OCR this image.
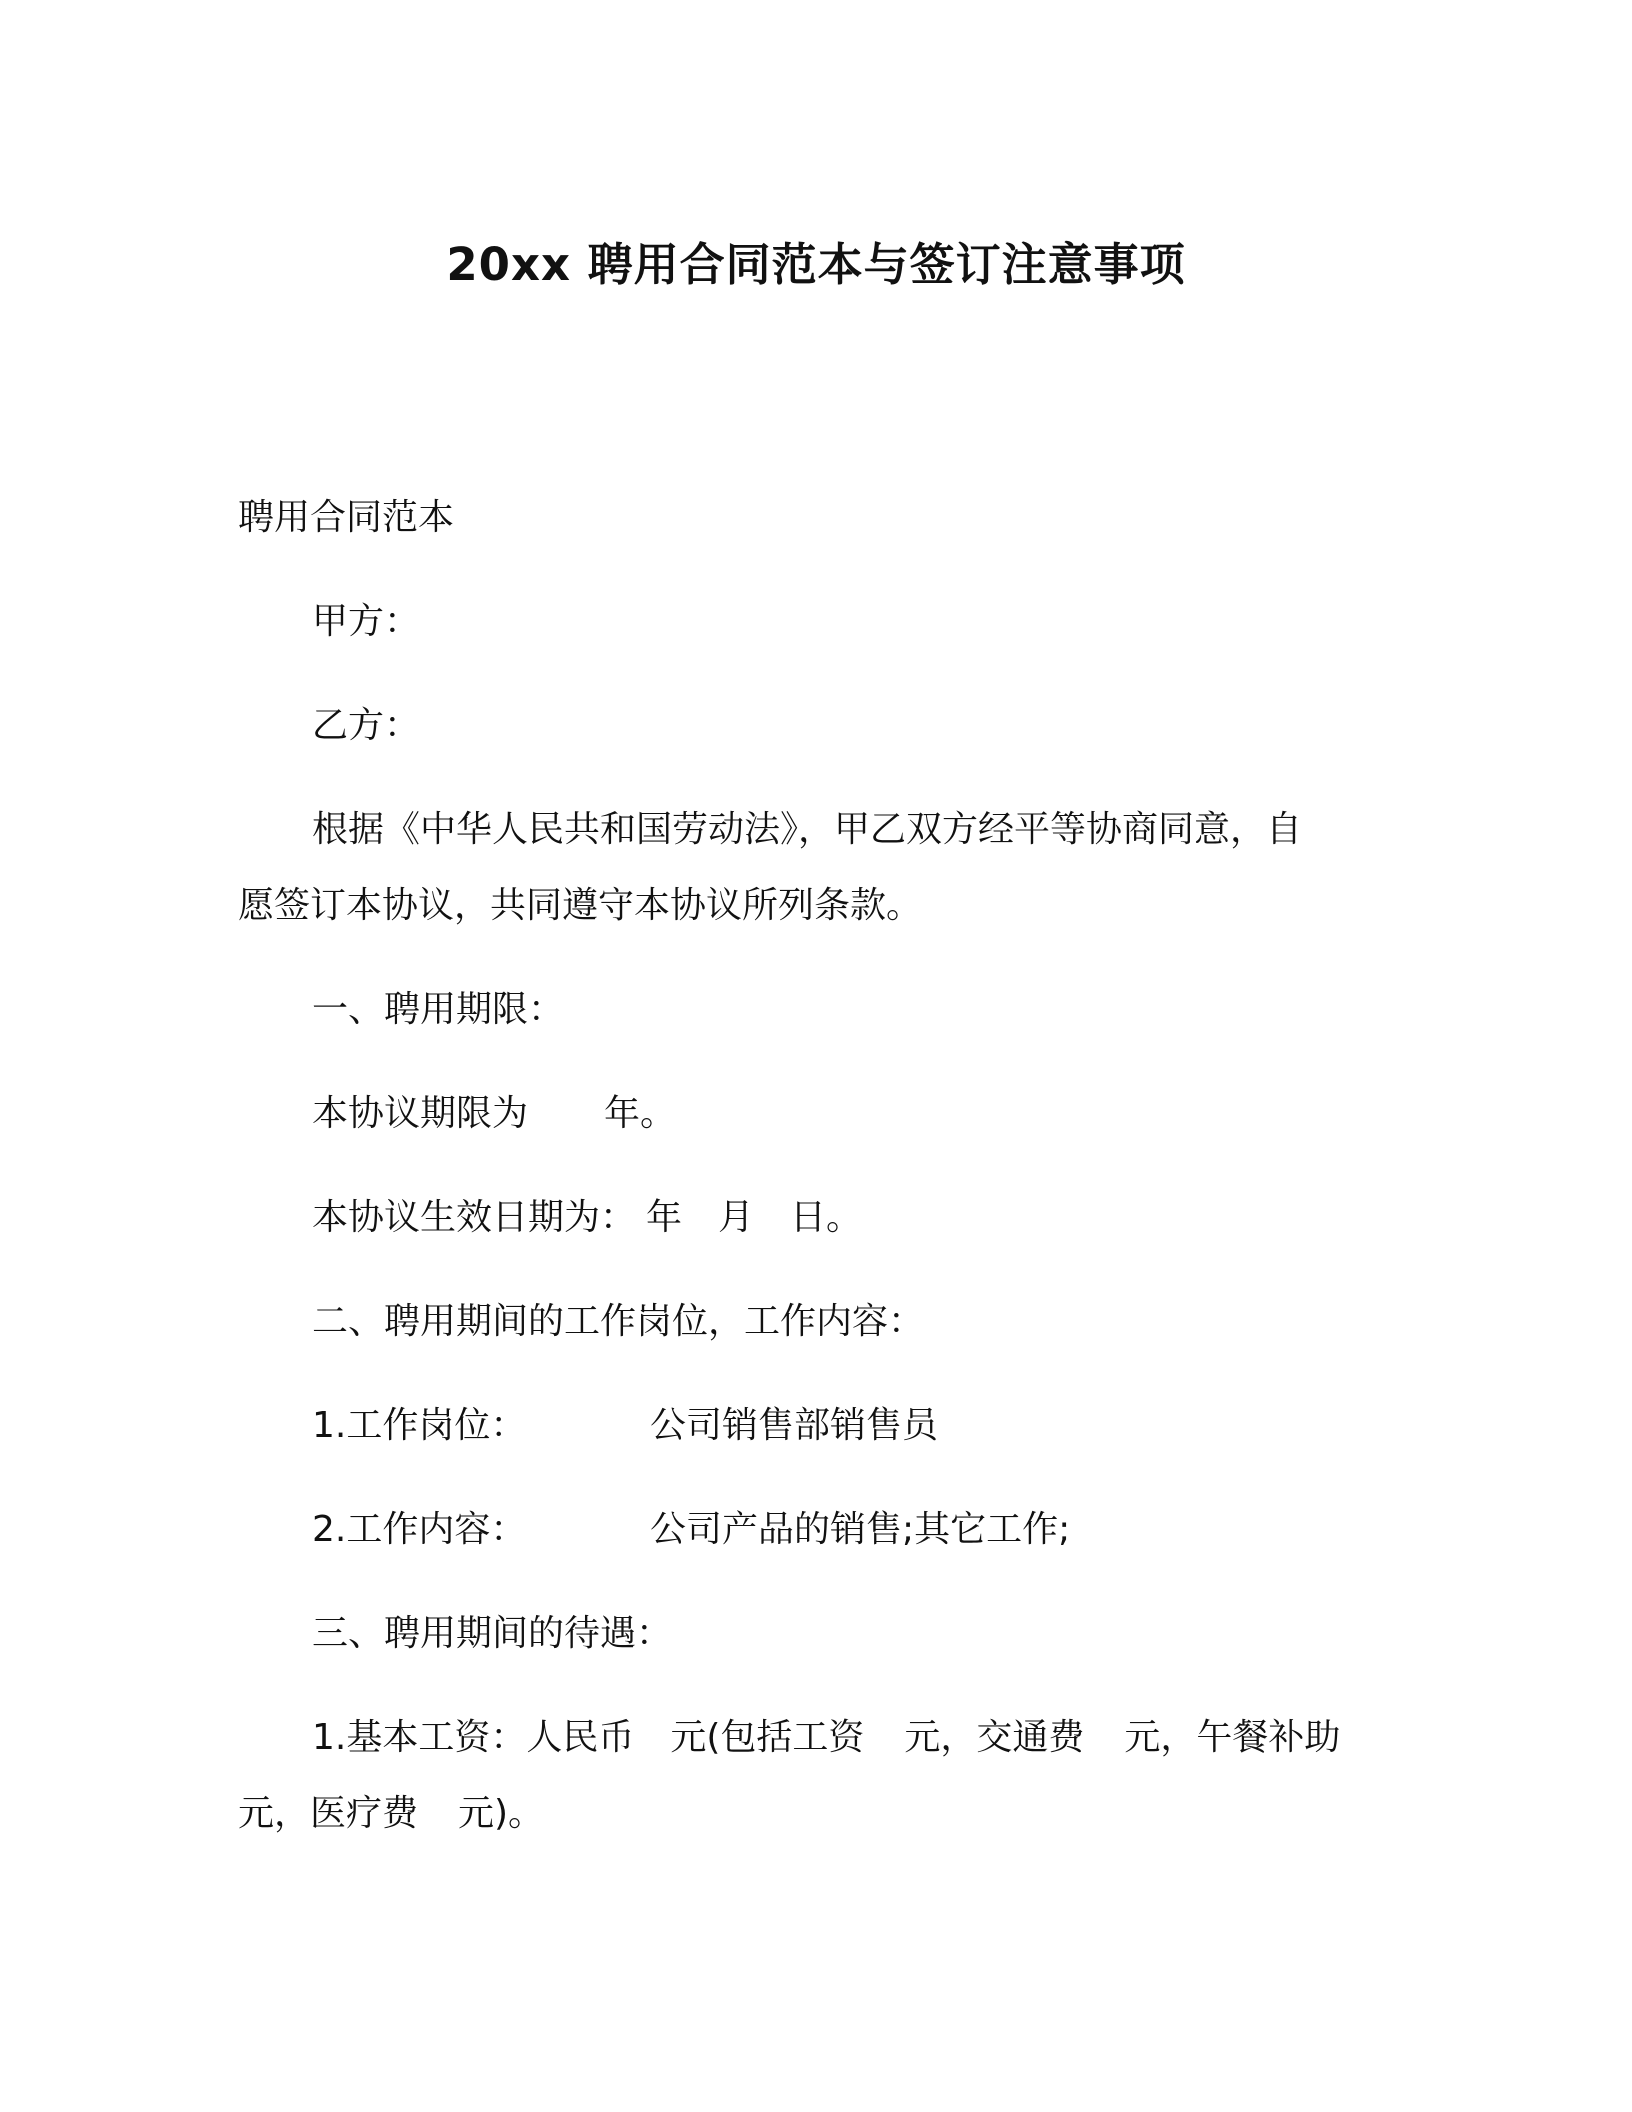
20xx 聘用合同范本与签订注意事项
聘用合同范本
甲方：
乙方：
根据《中华人民共和国劳动法》，甲乙双方经平等协商同意，自
愿签订本协议，共同遵守本协议所列条款。
一、聘用期限：
本协议期限为 年。
本协议生效日期为： 年 月 日。
二、聘用期间的工作岗位，工作内容：
1.工作岗位：	公司销售部销售员
2.工作内容：	公司产品的销售;其它工作;
三、聘用期间的待遇：
1.基本工资：人民币 元(包括工资 元，交通费 元，午餐补助
元，医疗费 元)。
